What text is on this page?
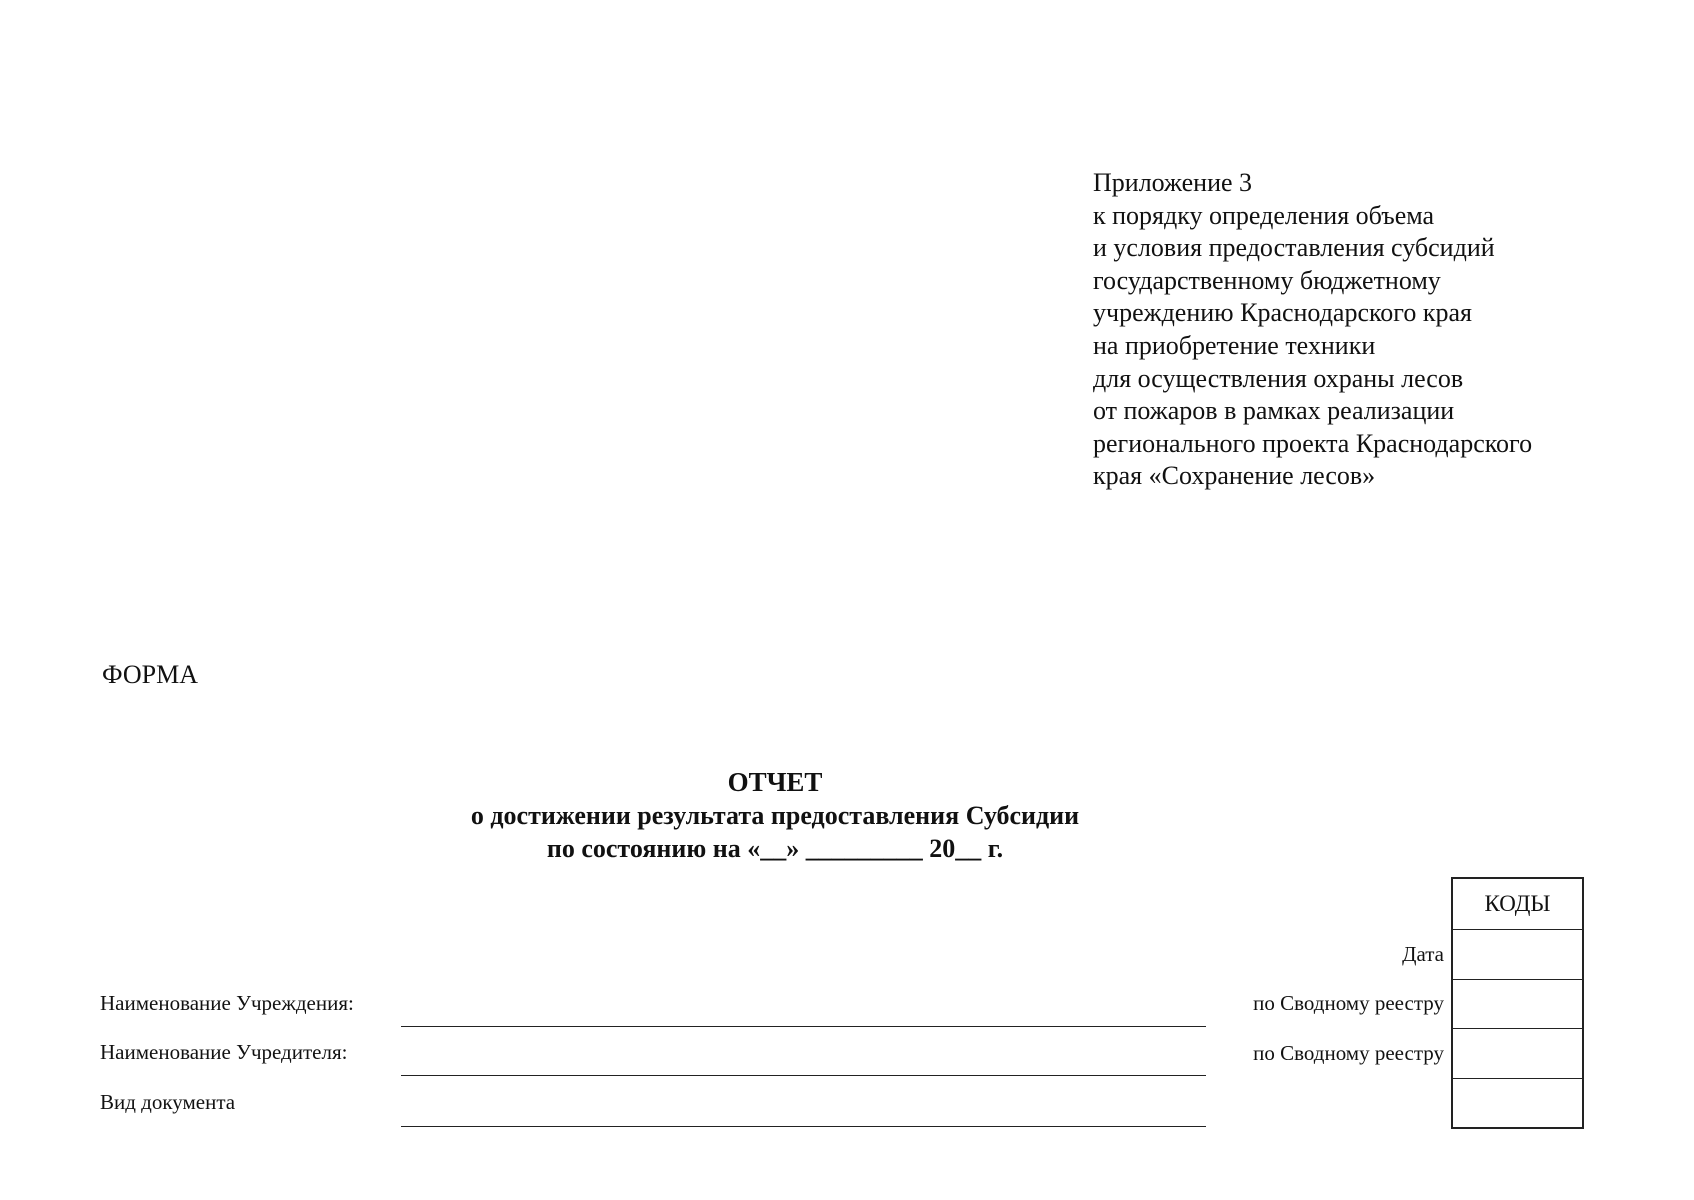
Приложение 3
к порядку определения объема
и условия предоставления субсидий
государственному бюджетному
учреждению Краснодарского края
на приобретение техники
для осуществления охраны лесов
от пожаров в рамках реализации
регионального проекта Краснодарского
края «Сохранение лесов»
ФОРМА
ОТЧЕТ
о достижении результата предоставления Субсидии
по состоянию на «__» _________ 20__ г.
Наименование Учреждения:
Наименование Учредителя:
Вид документа
Дата
по Сводному реестру
по Сводному реестру
КОДЫ
